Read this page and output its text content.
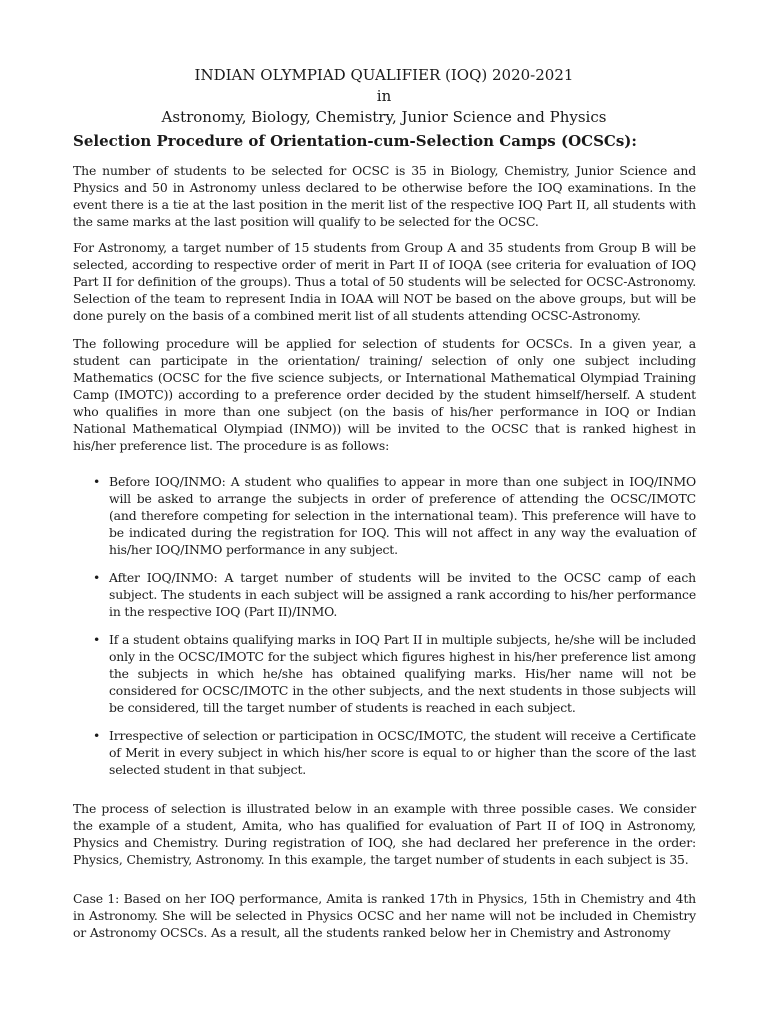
INDIAN OLYMPIAD QUALIFIER (IOQ) 2020-2021
in
Astronomy, Biology, Chemistry, Junior Science and Physics
Selection Procedure of Orientation-cum-Selection Camps (OCSCs):

The number of students to be selected for OCSC is 35 in Biology, Chemistry, Junior Science and Physics and 50 in Astronomy unless declared to be otherwise before the IOQ examinations. In the event there is a tie at the last position in the merit list of the respective IOQ Part II, all students with the same marks at the last position will qualify to be selected for the OCSC.

For Astronomy, a target number of 15 students from Group A and 35 students from Group B will be selected, according to respective order of merit in Part II of IOQA (see criteria for evaluation of IOQ Part II for definition of the groups). Thus a total of 50 students will be selected for OCSC-Astronomy. Selection of the team to represent India in IOAA will NOT be based on the above groups, but will be done purely on the basis of a combined merit list of all students attending OCSC-Astronomy.

The following procedure will be applied for selection of students for OCSCs. In a given year, a student can participate in the orientation/ training/ selection of only one subject including Mathematics (OCSC for the five science subjects, or International Mathematical Olympiad Training Camp (IMOTC)) according to a preference order decided by the student himself/herself. A student who qualifies in more than one subject (on the basis of his/her performance in IOQ or Indian National Mathematical Olympiad (INMO)) will be invited to the OCSC that is ranked highest in his/her preference list. The procedure is as follows:

• Before IOQ/INMO: A student who qualifies to appear in more than one subject in IOQ/INMO will be asked to arrange the subjects in order of preference of attending the OCSC/IMOTC (and therefore competing for selection in the international team). This preference will have to be indicated during the registration for IOQ. This will not affect in any way the evaluation of his/her IOQ/INMO performance in any subject.
• After IOQ/INMO: A target number of students will be invited to the OCSC camp of each subject. The students in each subject will be assigned a rank according to his/her performance in the respective IOQ (Part II)/INMO.
• If a student obtains qualifying marks in IOQ Part II in multiple subjects, he/she will be included only in the OCSC/IMOTC for the subject which figures highest in his/her preference list among the subjects in which he/she has obtained qualifying marks. His/her name will not be considered for OCSC/IMOTC in the other subjects, and the next students in those subjects will be considered, till the target number of students is reached in each subject.
• Irrespective of selection or participation in OCSC/IMOTC, the student will receive a Certificate of Merit in every subject in which his/her score is equal to or higher than the score of the last selected student in that subject.

The process of selection is illustrated below in an example with three possible cases. We consider the example of a student, Amita, who has qualified for evaluation of Part II of IOQ in Astronomy, Physics and Chemistry. During registration of IOQ, she had declared her preference in the order: Physics, Chemistry, Astronomy. In this example, the target number of students in each subject is 35.

Case 1: Based on her IOQ performance, Amita is ranked 17th in Physics, 15th in Chemistry and 4th in Astronomy. She will be selected in Physics OCSC and her name will not be included in Chemistry or Astronomy OCSCs. As a result, all the students ranked below her in Chemistry and Astronomy
